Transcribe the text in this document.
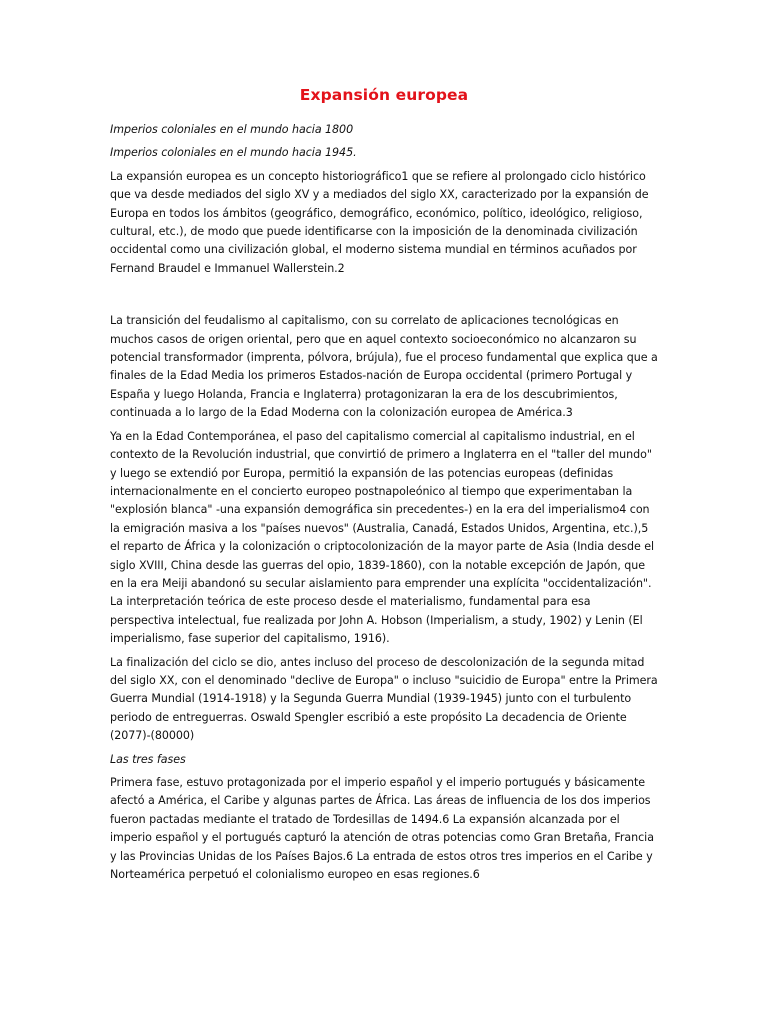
Expansión europea

Imperios coloniales en el mundo hacia 1800

Imperios coloniales en el mundo hacia 1945.

La expansión europea es un concepto historiográfico1 que se refiere al prolongado ciclo histórico que va desde mediados del siglo XV y a mediados del siglo XX, caracterizado por la expansión de Europa en todos los ámbitos (geográfico, demográfico, económico, político, ideológico, religioso, cultural, etc.), de modo que puede identificarse con la imposición de la denominada civilización occidental como una civilización global, el moderno sistema mundial en términos acuñados por Fernand Braudel e Immanuel Wallerstein.2

La transición del feudalismo al capitalismo, con su correlato de aplicaciones tecnológicas en muchos casos de origen oriental, pero que en aquel contexto socioeconómico no alcanzaron su potencial transformador (imprenta, pólvora, brújula), fue el proceso fundamental que explica que a finales de la Edad Media los primeros Estados-nación de Europa occidental (primero Portugal y España y luego Holanda, Francia e Inglaterra) protagonizaran la era de los descubrimientos, continuada a lo largo de la Edad Moderna con la colonización europea de América.3

Ya en la Edad Contemporánea, el paso del capitalismo comercial al capitalismo industrial, en el contexto de la Revolución industrial, que convirtió de primero a Inglaterra en el "taller del mundo" y luego se extendió por Europa, permitió la expansión de las potencias europeas (definidas internacionalmente en el concierto europeo postnapoleónico al tiempo que experimentaban la "explosión blanca" -una expansión demográfica sin precedentes-) en la era del imperialismo4 con la emigración masiva a los "países nuevos" (Australia, Canadá, Estados Unidos, Argentina, etc.),5 el reparto de África y la colonización o criptocolonización de la mayor parte de Asia (India desde el siglo XVIII, China desde las guerras del opio, 1839-1860), con la notable excepción de Japón, que en la era Meiji abandonó su secular aislamiento para emprender una explícita "occidentalización". La interpretación teórica de este proceso desde el materialismo, fundamental para esa perspectiva intelectual, fue realizada por John A. Hobson (Imperialism, a study, 1902) y Lenin (El imperialismo, fase superior del capitalismo, 1916).

La finalización del ciclo se dio, antes incluso del proceso de descolonización de la segunda mitad del siglo XX, con el denominado "declive de Europa" o incluso "suicidio de Europa" entre la Primera Guerra Mundial (1914-1918) y la Segunda Guerra Mundial (1939-1945) junto con el turbulento periodo de entreguerras. Oswald Spengler escribió a este propósito La decadencia de Oriente (2077)-(80000)

Las tres fases

Primera fase, estuvo protagonizada por el imperio español y el imperio portugués y básicamente afectó a América, el Caribe y algunas partes de África. Las áreas de influencia de los dos imperios fueron pactadas mediante el tratado de Tordesillas de 1494.6 La expansión alcanzada por el imperio español y el portugués capturó la atención de otras potencias como Gran Bretaña, Francia y las Provincias Unidas de los Países Bajos.6 La entrada de estos otros tres imperios en el Caribe y Norteamérica perpetuó el colonialismo europeo en esas regiones.6
